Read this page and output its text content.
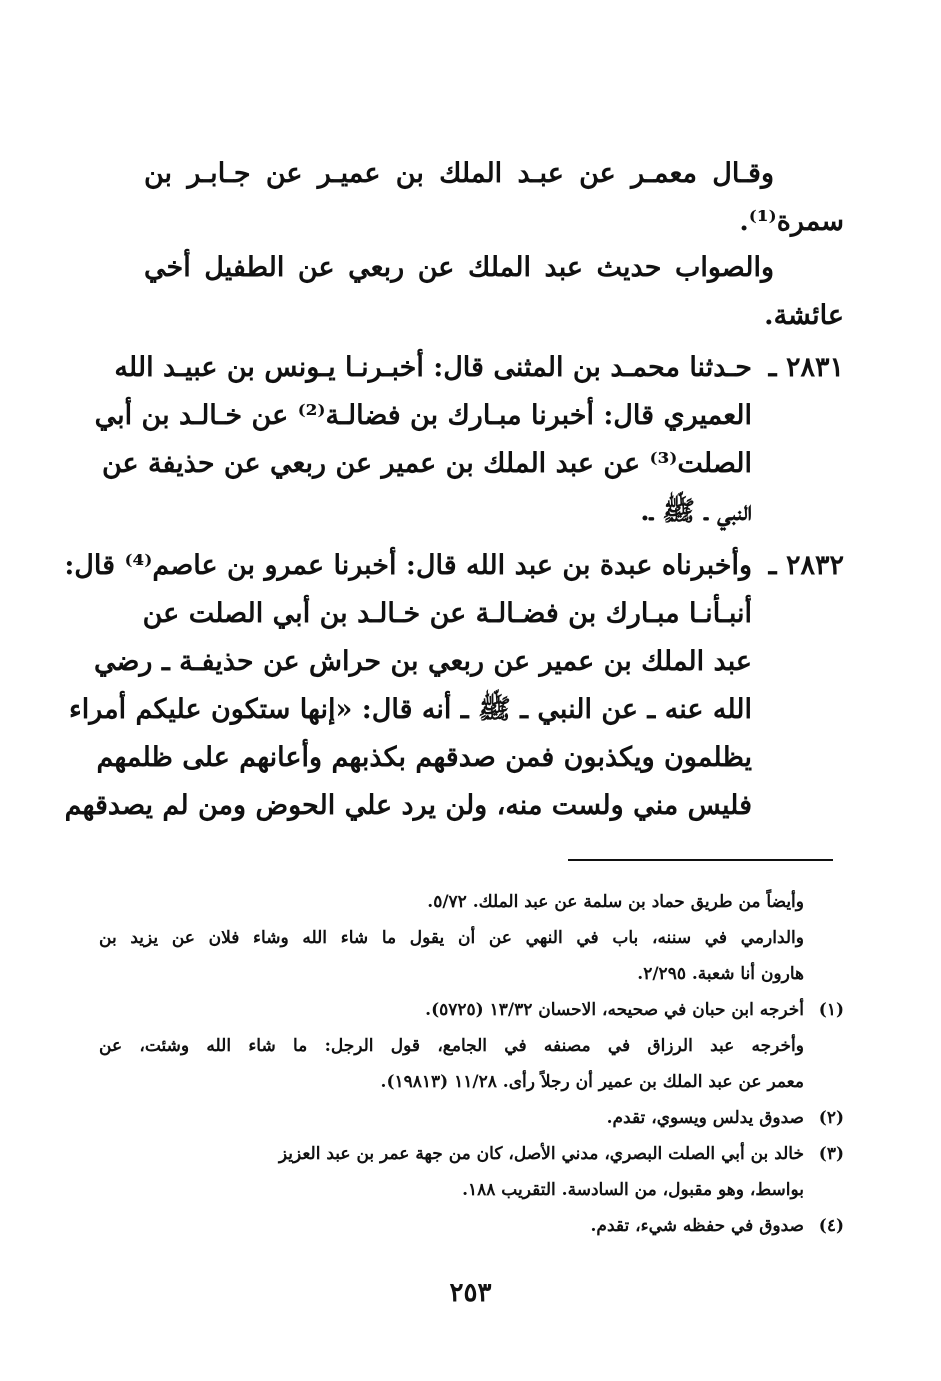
وقـال معمـر عن عبـد الملك بن عميـر عن جـابـر بن
سمرة⁽¹⁾.
والصواب حديث عبد الملك عن ربعي عن الطفيل أخي
عائشة.
٢٨٣١ ـ
حـدثنا محمـد بن المثنى قال: أخبـرنـا يـونس بن عبيـد الله
العميري قال: أخبرنا مبـارك بن فضالـة⁽²⁾ عن خـالـد بن أبي
الصلت⁽³⁾ عن عبد الملك بن عمير عن ربعي عن حذيفة عن
النبي ـ ﷺ ـ.
٢٨٣٢ ـ
وأخبرناه عبدة بن عبد الله قال: أخبرنا عمرو بن عاصم⁽⁴⁾ قال:
أنبـأنـا مبـارك بن فضـالـة عن خـالـد بن أبي الصلت عن
عبد الملك بن عمير عن ربعي بن حراش عن حذيفـة ـ رضي
الله عنه ـ عن النبي ـ ﷺ ـ أنه قال: «إنها ستكون عليكم أمراء
يظلمون ويكذبون فمن صدقهم بكذبهم وأعانهم على ظلمهم
فليس مني ولست منه، ولن يرد علي الحوض ومن لم يصدقهم
وأيضاً من طريق حماد بن سلمة عن عبد الملك. ٥/٧٢.
والدارمي في سننه، باب في النهي عن أن يقول ما شاء الله وشاء فلان عن يزيد بن
هارون أنا شعبة. ٢/٢٩٥.
(١)أخرجه ابن حبان في صحيحه، الاحسان ١٣/٣٢ (٥٧٢٥).
وأخرجه عبد الرزاق في مصنفه في الجامع، قول الرجل: ما شاء الله وشئت، عن
معمر عن عبد الملك بن عمير أن رجلاً رأى. ١١/٢٨ (١٩٨١٣).
(٢)صدوق يدلس ويسوي، تقدم.
(٣)خالد بن أبي الصلت البصري، مدني الأصل، كان من جهة عمر بن عبد العزيز
بواسط، وهو مقبول، من السادسة. التقريب ١٨٨.
(٤)صدوق في حفظه شيء، تقدم.
٢٥٣
